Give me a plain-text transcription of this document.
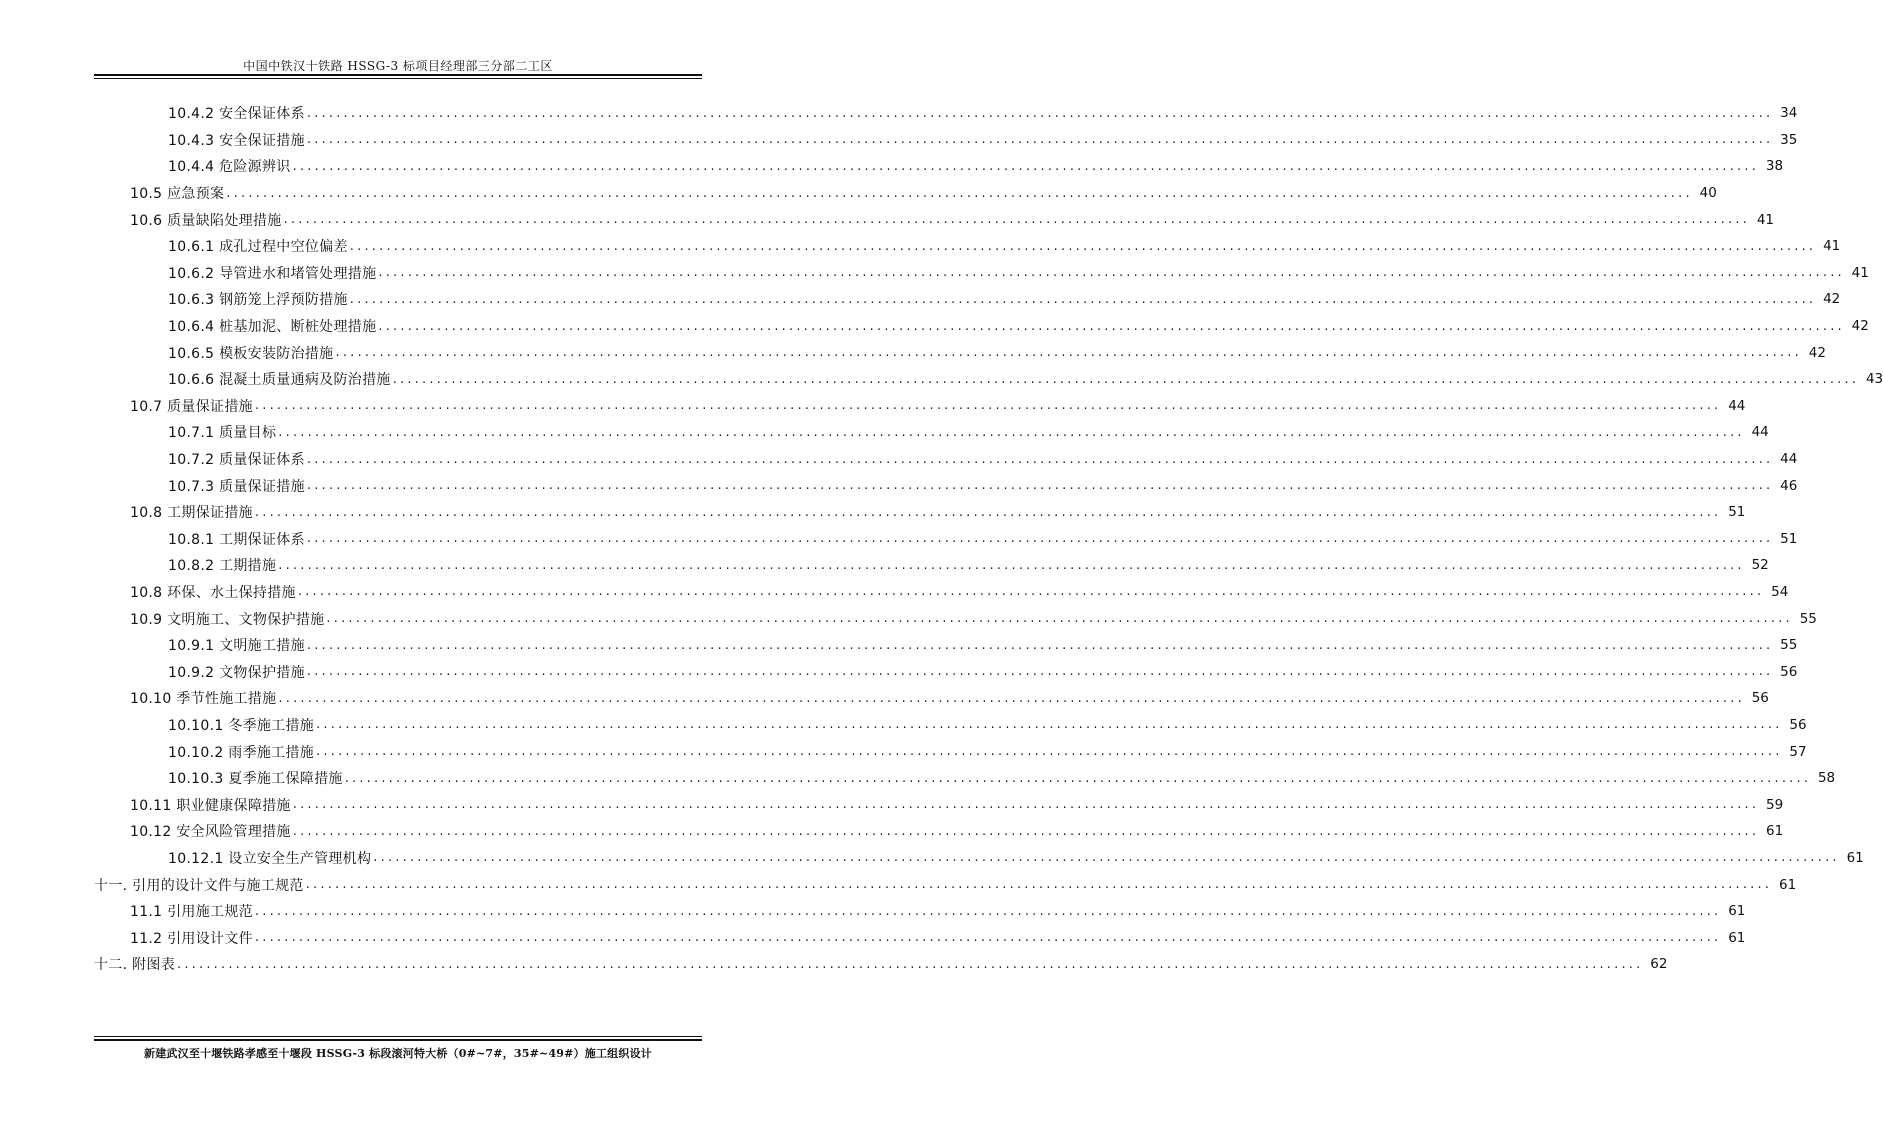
中国中铁汉十铁路 HSSG-3 标项目经理部三分部二工区
10.4.2 安全保证体系 ........................................................................................................................................................................................................ 34
10.4.3 安全保证措施 ........................................................................................................................................................................................................ 35
10.4.4 危险源辨识 ........................................................................................................................................................................................................ 38
10.5 应急预案 ........................................................................................................................................................................................................ 40
10.6 质量缺陷处理措施 ........................................................................................................................................................................................................ 41
10.6.1 成孔过程中空位偏差 ........................................................................................................................................................................................................ 41
10.6.2 导管进水和堵管处理措施 ........................................................................................................................................................................................................ 41
10.6.3 钢筋笼上浮预防措施 ........................................................................................................................................................................................................ 42
10.6.4 桩基加泥、断桩处理措施 ........................................................................................................................................................................................................ 42
10.6.5 模板安装防治措施 ........................................................................................................................................................................................................ 42
10.6.6 混凝土质量通病及防治措施 ........................................................................................................................................................................................................ 43
10.7 质量保证措施 ........................................................................................................................................................................................................ 44
10.7.1 质量目标 ........................................................................................................................................................................................................ 44
10.7.2 质量保证体系 ........................................................................................................................................................................................................ 44
10.7.3 质量保证措施 ........................................................................................................................................................................................................ 46
10.8 工期保证措施 ........................................................................................................................................................................................................ 51
10.8.1 工期保证体系 ........................................................................................................................................................................................................ 51
10.8.2 工期措施 ........................................................................................................................................................................................................ 52
10.8 环保、水土保持措施 ........................................................................................................................................................................................................ 54
10.9 文明施工、文物保护措施 ........................................................................................................................................................................................................ 55
10.9.1 文明施工措施 ........................................................................................................................................................................................................ 55
10.9.2 文物保护措施 ........................................................................................................................................................................................................ 56
10.10 季节性施工措施 ........................................................................................................................................................................................................ 56
10.10.1 冬季施工措施 ........................................................................................................................................................................................................ 56
10.10.2 雨季施工措施 ........................................................................................................................................................................................................ 57
10.10.3 夏季施工保障措施 ........................................................................................................................................................................................................ 58
10.11 职业健康保障措施 ........................................................................................................................................................................................................ 59
10.12 安全风险管理措施 ........................................................................................................................................................................................................ 61
10.12.1 设立安全生产管理机构 ........................................................................................................................................................................................................ 61
十一. 引用的设计文件与施工规范 ........................................................................................................................................................................................................ 61
11.1 引用施工规范 ........................................................................................................................................................................................................ 61
11.2 引用设计文件 ........................................................................................................................................................................................................ 61
十二. 附图表 ........................................................................................................................................................................................................ 62
新建武汉至十堰铁路孝感至十堰段 HSSG-3 标段滚河特大桥（0#~7#，35#~49#）施工组织设计
